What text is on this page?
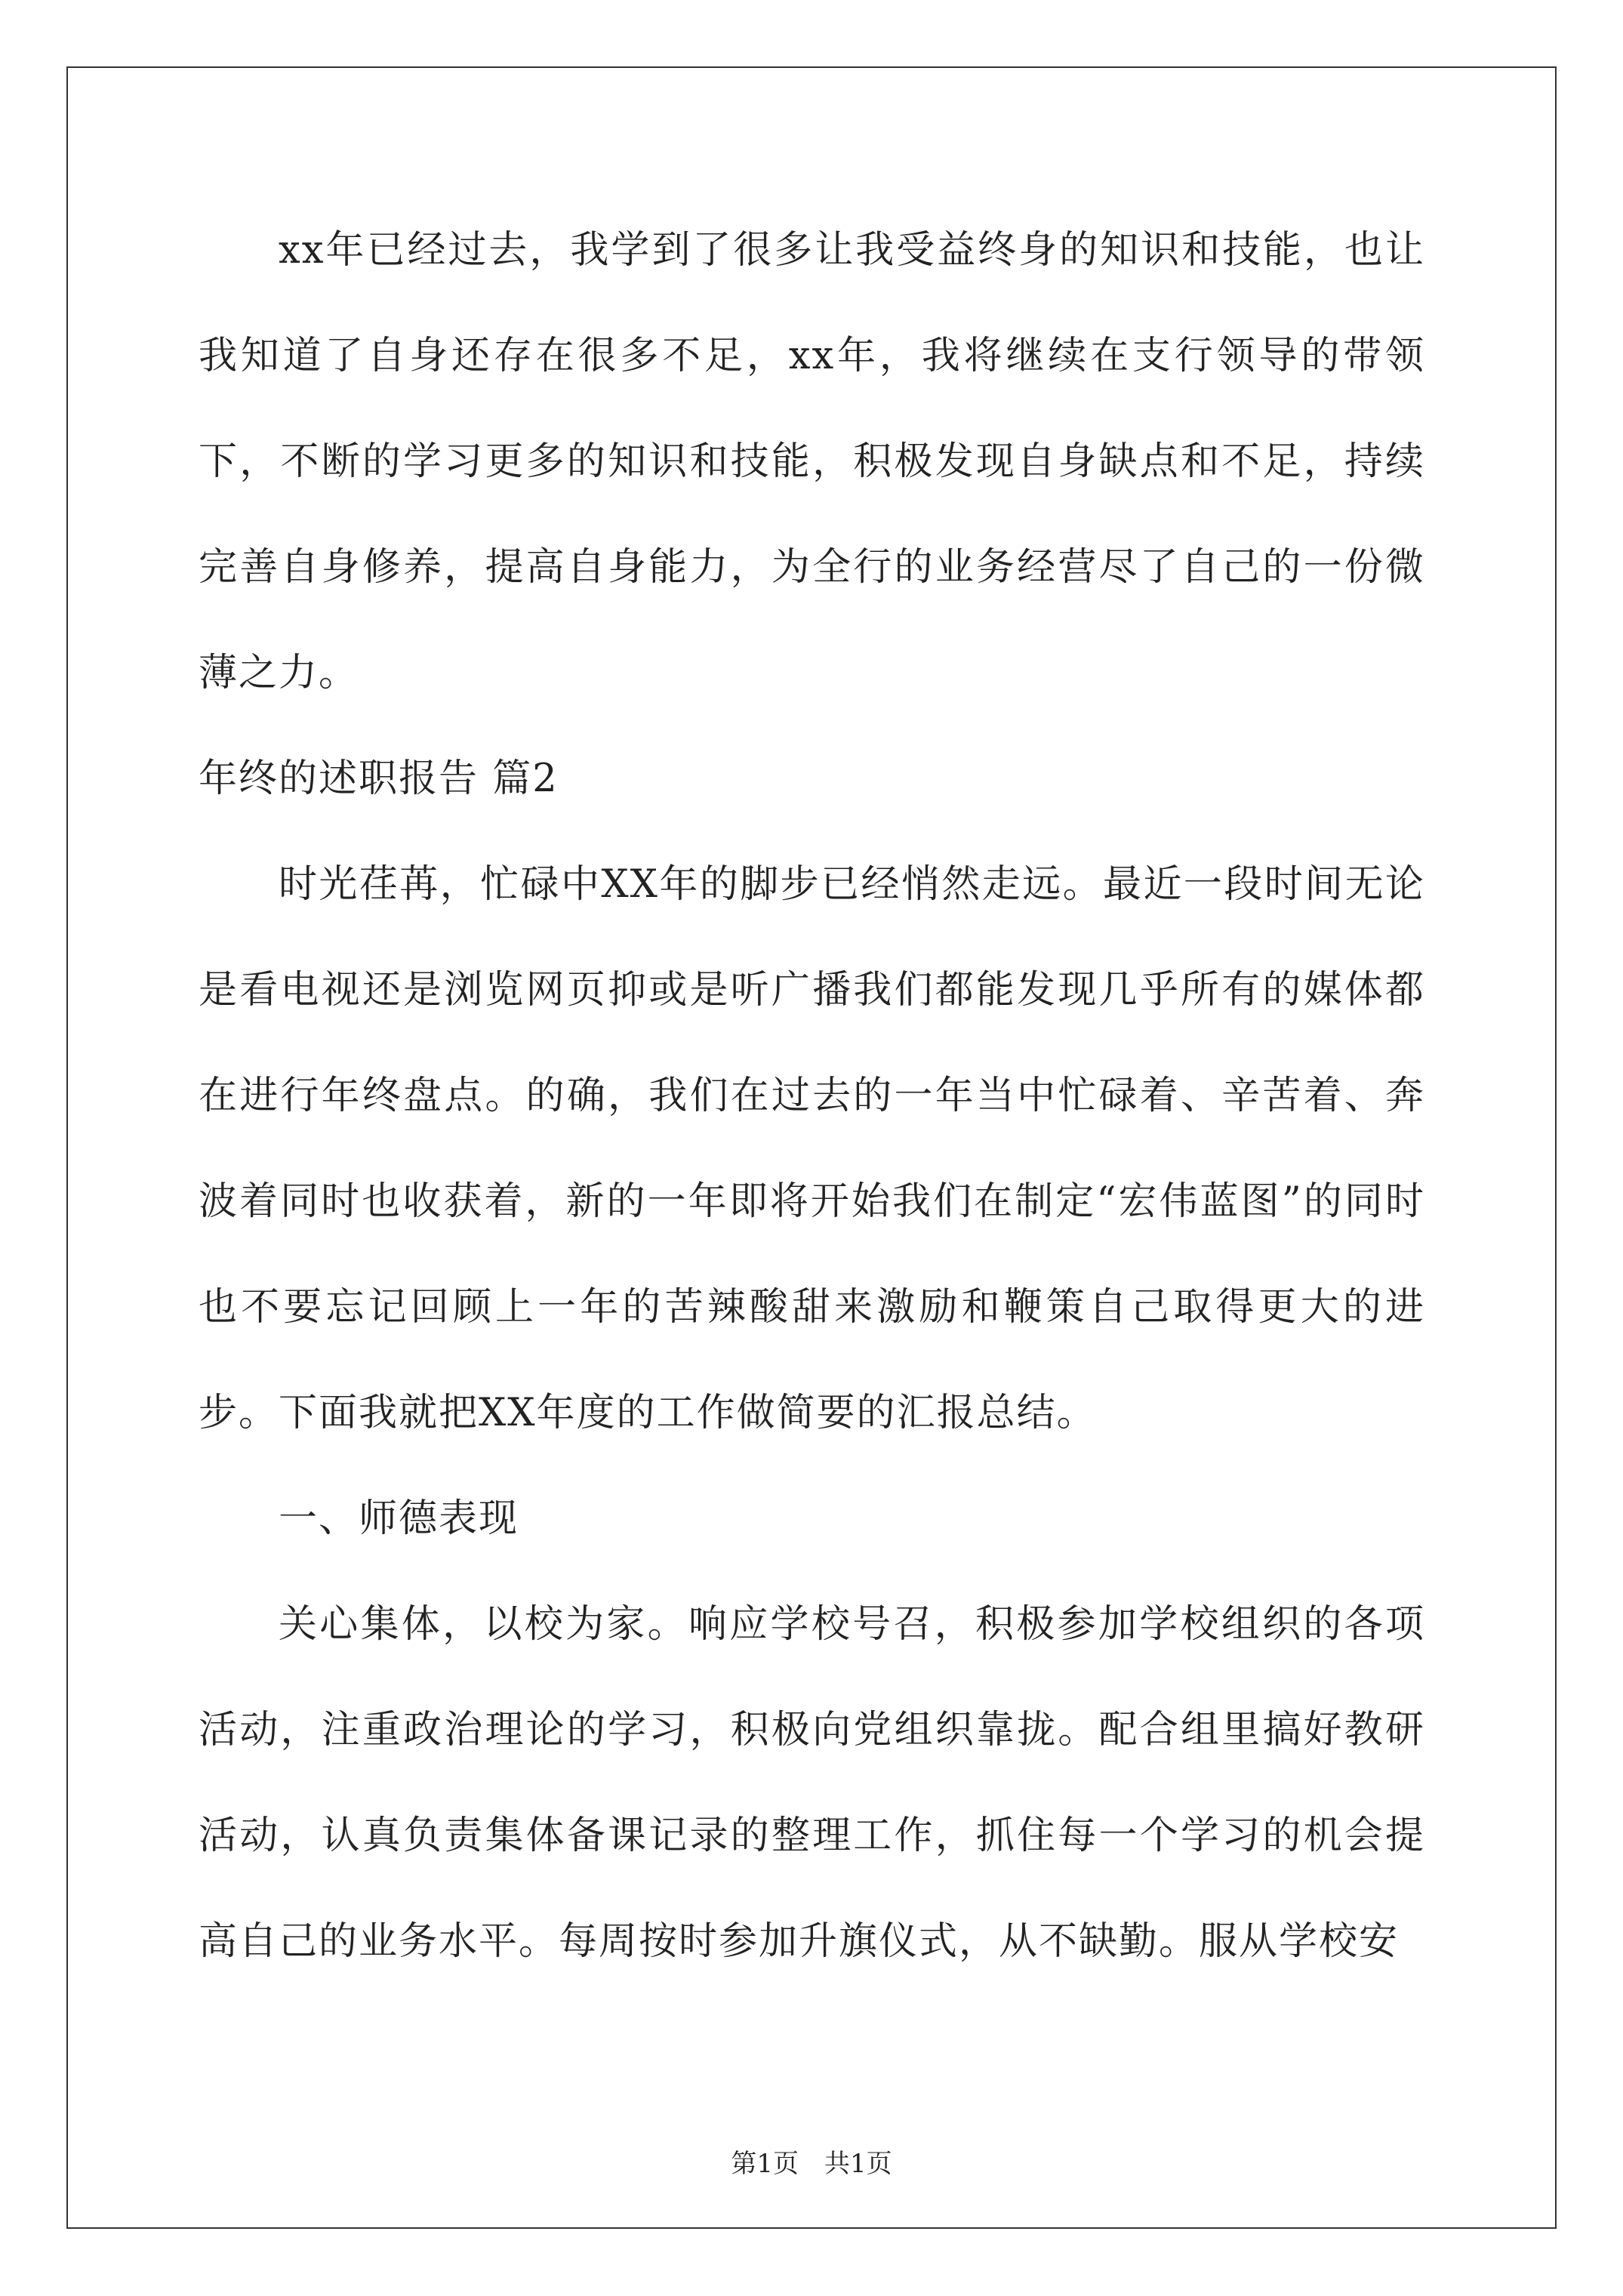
xx年已经过去，我学到了很多让我受益终身的知识和技能，也让我知道了自身还存在很多不足，xx年，我将继续在支行领导的带领下，不断的学习更多的知识和技能，积极发现自身缺点和不足，持续完善自身修养，提高自身能力，为全行的业务经营尽了自己的一份微薄之力。

年终的述职报告 篇2

时光荏苒，忙碌中XX年的脚步已经悄然走远。最近一段时间无论是看电视还是浏览网页抑或是听广播我们都能发现几乎所有的媒体都在进行年终盘点。的确，我们在过去的一年当中忙碌着、辛苦着、奔波着同时也收获着，新的一年即将开始我们在制定“宏伟蓝图”的同时也不要忘记回顾上一年的苦辣酸甜来激励和鞭策自己取得更大的进步。下面我就把XX年度的工作做简要的汇报总结。

一、师德表现

关心集体，以校为家。响应学校号召，积极参加学校组织的各项活动，注重政治理论的学习，积极向党组织靠拢。配合组里搞好教研活动，认真负责集体备课记录的整理工作，抓住每一个学习的机会提高自己的业务水平。每周按时参加升旗仪式，从不缺勤。服从学校安

第1页 共1页
